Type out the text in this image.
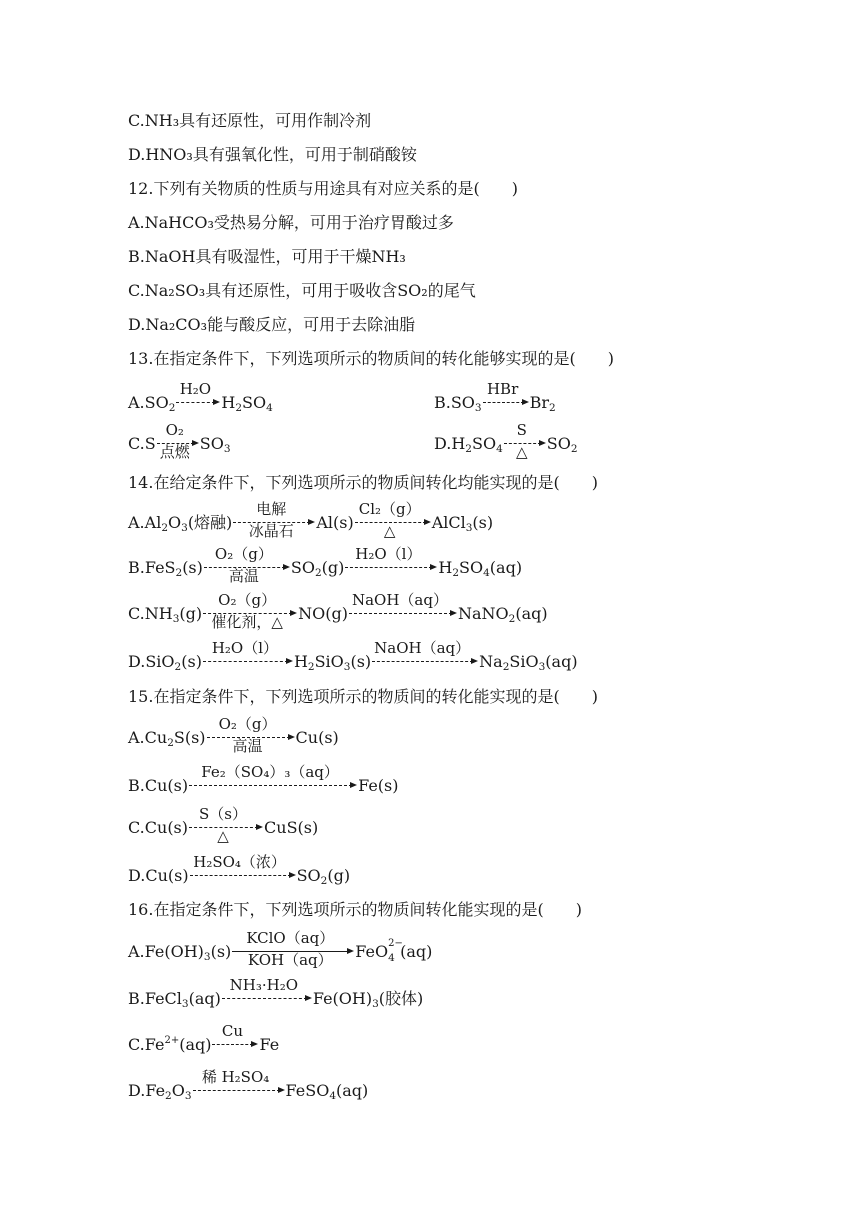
C.NH₃具有还原性，可用作制冷剂
D.HNO₃具有强氧化性，可用于制硝酸铵
12.下列有关物质的性质与用途具有对应关系的是(　　)
A.NaHCO₃受热易分解，可用于治疗胃酸过多
B.NaOH具有吸湿性，可用于干燥NH₃
C.Na₂SO₃具有还原性，可用于吸收含SO₂的尾气
D.Na₂CO₃能与酸反应，可用于去除油脂
13.在指定条件下，下列选项所示的物质间的转化能够实现的是(　　)
$A.SO_2$
H₂O
$H_2SO_4$	$B.SO_3$
HBr
$Br_2$
C.S
O₂
点燃 $SO_3$	$D.H_2SO_4$
S
△	$SO_2$
14.在给定条件下，下列选项所示的物质间转化均能实现的是(　　)
$A.Al_2O_3$(熔融)
电解
冰晶石	Al(s)
Cl₂（g）
△	AlCl$_3$(s)
B.FeS$_2$(s)
O₂（g）
高温	$SO_2(g)$
H₂O（l）
$H_2SO_4(aq)$
$C.NH_3(g)$
O₂（g）
催化剂，△ NO(g)
NaOH（aq）
NaNO$_2$(aq)
D.SiO$_2$(s)
H₂O（l）
$H_2SiO_3(s)$
NaOH（aq）
$Na_2SiO_3(aq)$
15.在指定条件下，下列选项所示的物质间的转化能实现的是(　　)
$A.Cu_2S(s)$
O₂（g）
高温	Cu(s)
B.Cu(s)
Fe₂（SO₄）₃（aq）
Fe(s)
C.Cu(s)
S（s）
△	CuS(s)
D.Cu(s)
H₂SO₄（浓）
$SO_2(g)$
16.在指定条件下，下列选项所示的物质间转化能实现的是(　　)
$A.Fe(OH)_3(s)$
KClO（aq）
KOH（aq）	FeO 2−
4 (aq)
B.FeCl$_3$(aq)
NH₃·H₂O
$Fe(OH)_3$(胶体)
$C.Fe^{2+}(aq)$
Cu
Fe
$D.Fe_2O_3$
稀 H₂SO₄
FeSO$_4$(aq)
